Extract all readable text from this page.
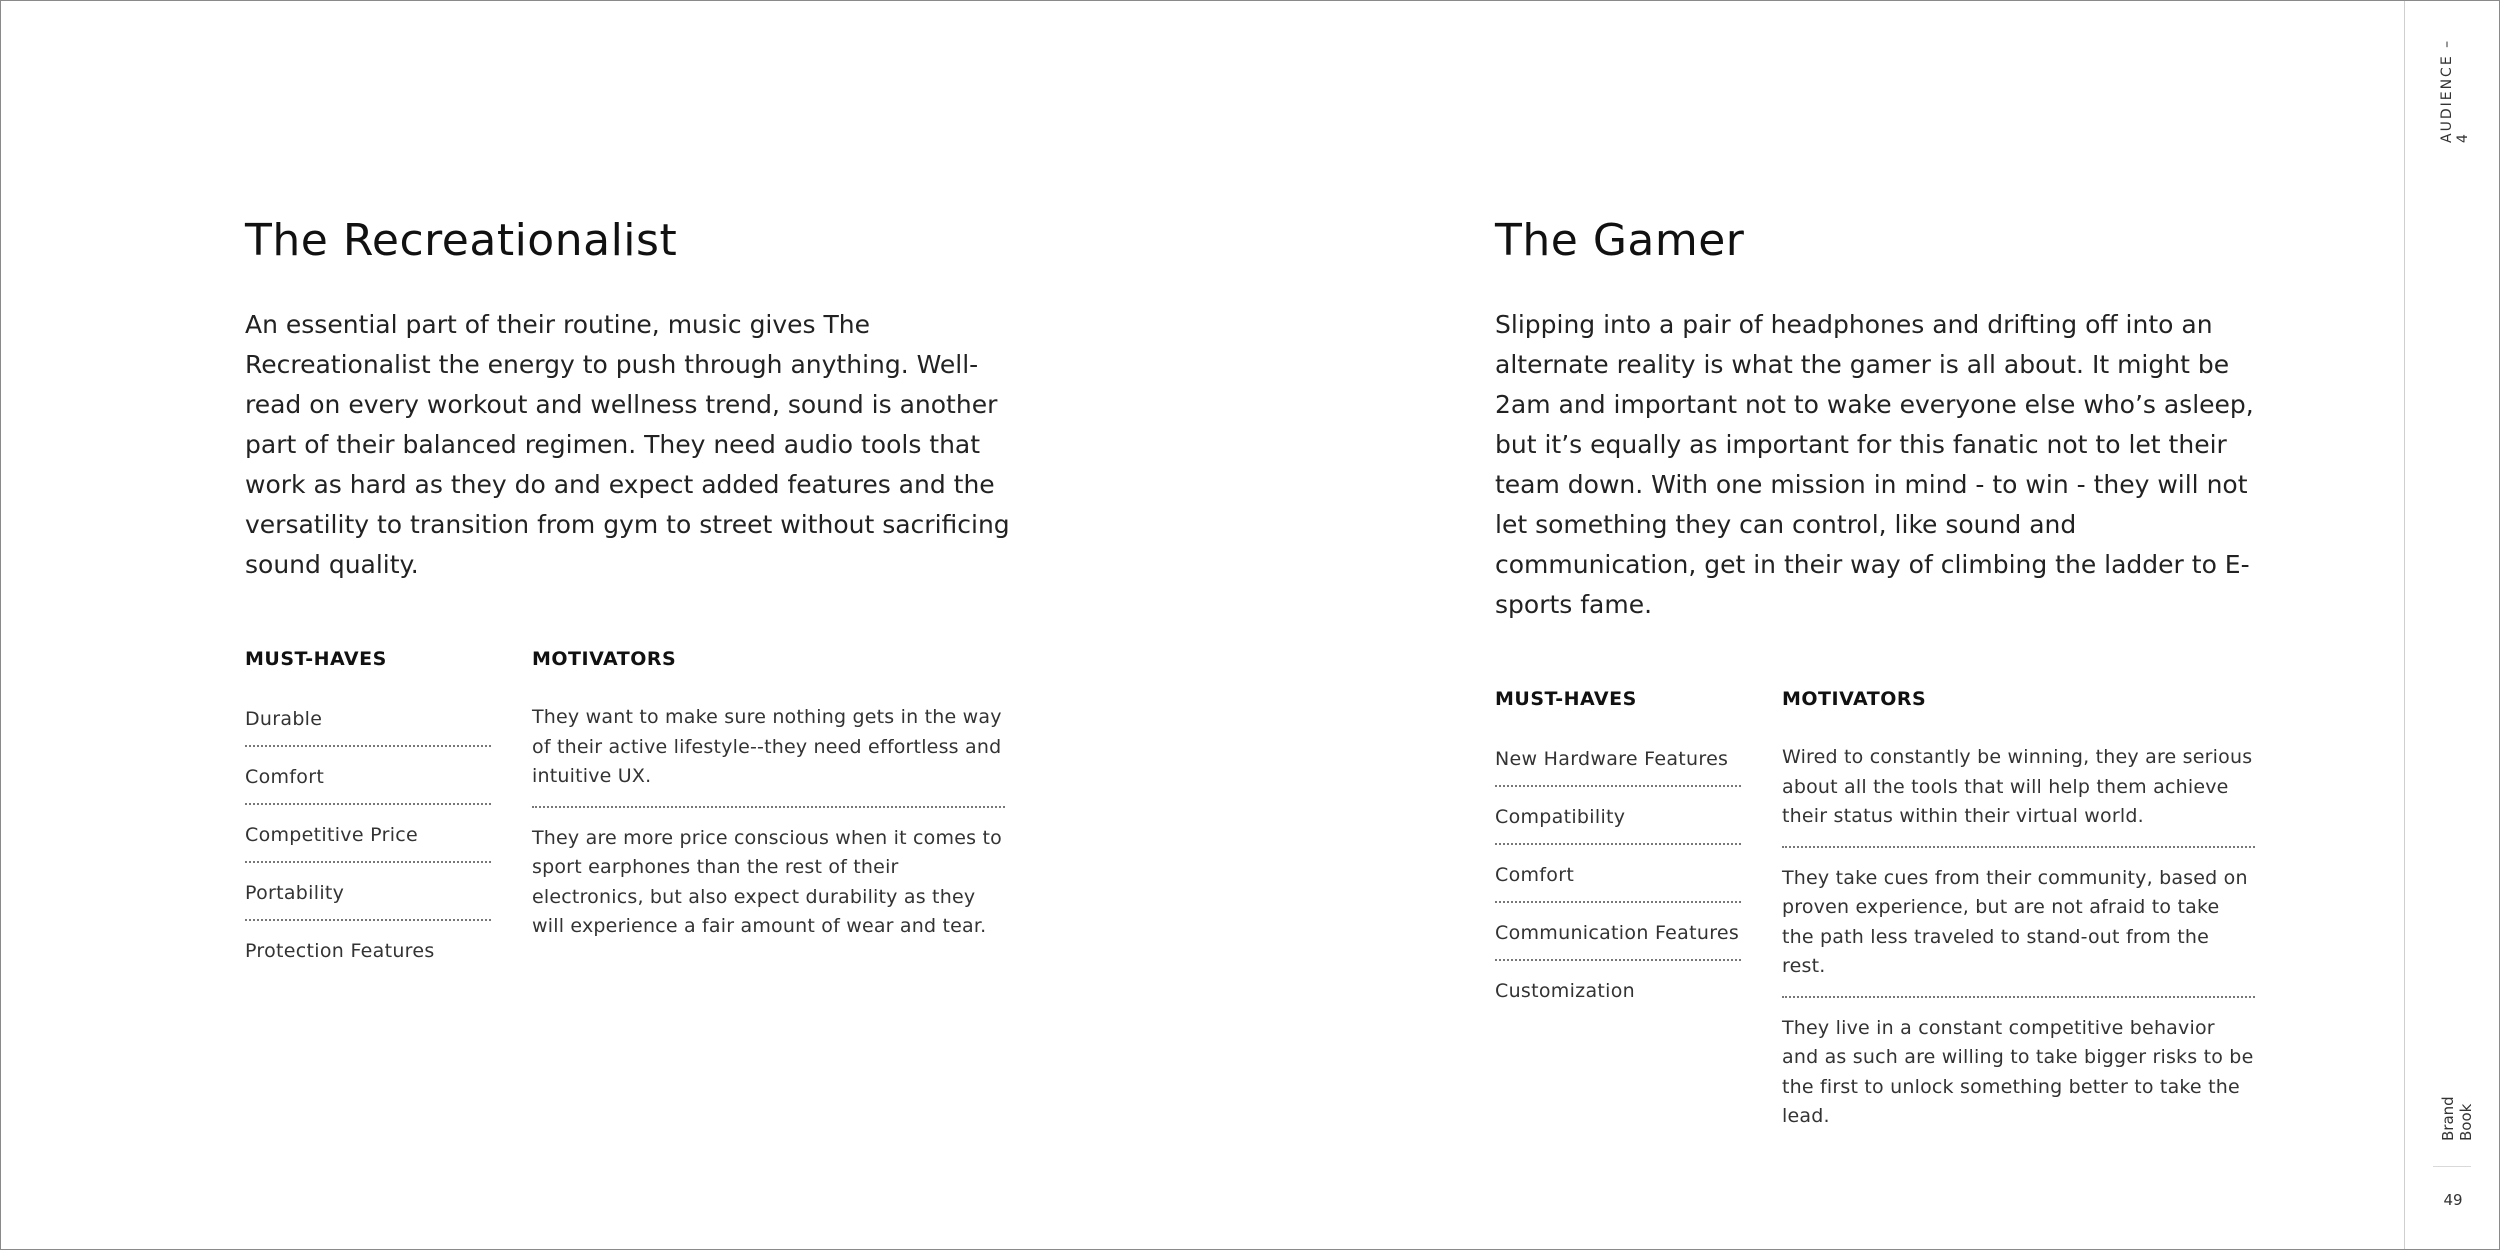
The Recreationalist

An essential part of their routine, music gives The Recreationalist the energy to push through anything. Well-read on every workout and wellness trend, sound is another part of their balanced regimen. They need audio tools that work as hard as they do and expect added features and the versatility to transition from gym to street without sacrificing sound quality.

MUST-HAVES
Durable
Comfort
Competitive Price
Portability
Protection Features
MOTIVATORS
They want to make sure nothing gets in the way of their active lifestyle--they need effortless and intuitive UX.
They are more price conscious when it comes to sport earphones than the rest of their electronics, but also expect durability as they will experience a fair amount of wear and tear.
The Gamer

Slipping into a pair of headphones and drifting off into an alternate reality is what the gamer is all about. It might be 2am and important not to wake everyone else who’s asleep, but it’s equally as important for this fanatic not to let their team down. With one mission in mind - to win - they will not let something they can control, like sound and communication, get in their way of climbing the ladder to E-sports fame.

MUST-HAVES
New Hardware Features
Compatibility
Comfort
Communication Features
Customization
MOTIVATORS
Wired to constantly be winning, they are serious about all the tools that will help them achieve their status within their virtual world.
They take cues from their community, based on proven experience, but are not afraid to take the path less traveled to stand-out from the rest.
They live in a constant competitive behavior and as such are willing to take bigger risks to be the first to unlock something better to take the lead.
AUDIENCE – 4
Brand Book
49
